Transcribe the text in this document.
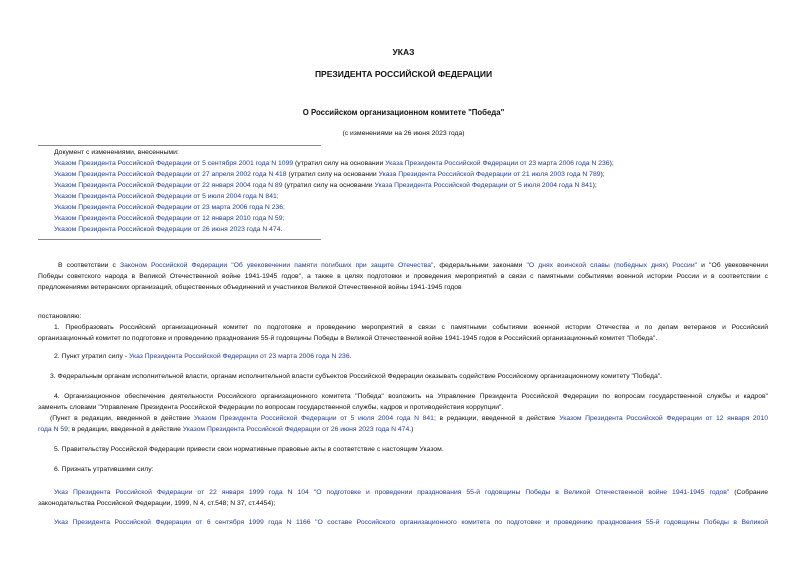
УКАЗ
ПРЕЗИДЕНТА РОССИЙСКОЙ ФЕДЕРАЦИИ
О Российском организационном комитете "Победа"
(с изменениями на 26 июня 2023 года)
Документ с изменениями, внесенными:
Указом Президента Российской Федерации от 5 сентября 2001 года N 1099 (утратил силу на основании Указа Президента Российской Федерации от 23 марта 2006 года N 236);
Указом Президента Российской Федерации от 27 апреля 2002 года N 418 (утратил силу на основании Указа Президента Российской Федерации от 21 июля 2003 года N 789);
Указом Президента Российской Федерации от 22 января 2004 года N 89 (утратил силу на основании Указа Президента Российской Федерации от 5 июля 2004 года N 841);
Указом Президента Российской Федерации от 5 июля 2004 года N 841;
Указом Президента Российской Федерации от 23 марта 2006 года N 236;
Указом Президента Российской Федерации от 12 января 2010 года N 59;
Указом Президента Российской Федерации от 26 июня 2023 года N 474.
В соответствии с Законом Российской Федерации "Об увековечении памяти погибших при защите Отечества", федеральными законами "О днях воинской славы (победных днях) России" и "Об увековечении
Победы советского народа в Великой Отечественной войне 1941-1945 годов", а также в целях подготовки и проведения мероприятий в связи с памятными событиями военной истории России и в соответствии с
предложениями ветеранских организаций, общественных объединений и участников Великой Отечественной войны 1941-1945 годов
постановляю:
1. Преобразовать Российский организационный комитет по подготовке и проведению мероприятий в связи с памятными событиями военной истории Отечества и по делам ветеранов и Российский
организационный комитет по подготовке и проведению празднования 55-й годовщины Победы в Великой Отечественной войне 1941-1945 годов в Российский организационный комитет "Победа".
2. Пункт утратил силу - Указ Президента Российской Федерации от 23 марта 2006 года N 236.
3. Федеральным органам исполнительной власти, органам исполнительной власти субъектов Российской Федерации оказывать содействие Российскому организационному комитету "Победа".
4. Организационное обеспечение деятельности Российского организационного комитета "Победа" возложить на Управление Президента Российской Федерации по вопросам государственной службы и кадров"
заменить словами "Управление Президента Российской Федерации по вопросам государственной службы, кадров и противодействия коррупции".
(Пункт в редакции, введенной в действие Указом Президента Российской Федерации от 5 июля 2004 года N 841; в редакции, введенной в действие Указом Президента Российской Федерации от 12 января 2010
года N 59; в редакции, введенной в действие Указом Президента Российской Федерации от 26 июня 2023 года N 474.)
5. Правительству Российской Федерации привести свои нормативные правовые акты в соответствие с настоящим Указом.
6. Признать утратившими силу:
Указ Президента Российской Федерации от 22 января 1999 года N 104 "О подготовке и проведении празднования 55-й годовщины Победы в Великой Отечественной войне 1941-1945 годов" (Собрание
законодательства Российской Федерации, 1999, N 4, ст.548; N 37, ст.4454);
Указ Президента Российской Федерации от 6 сентября 1999 года N 1166 "О составе Российского организационного комитета по подготовке и проведению празднования 55-й годовщины Победы в Великой
